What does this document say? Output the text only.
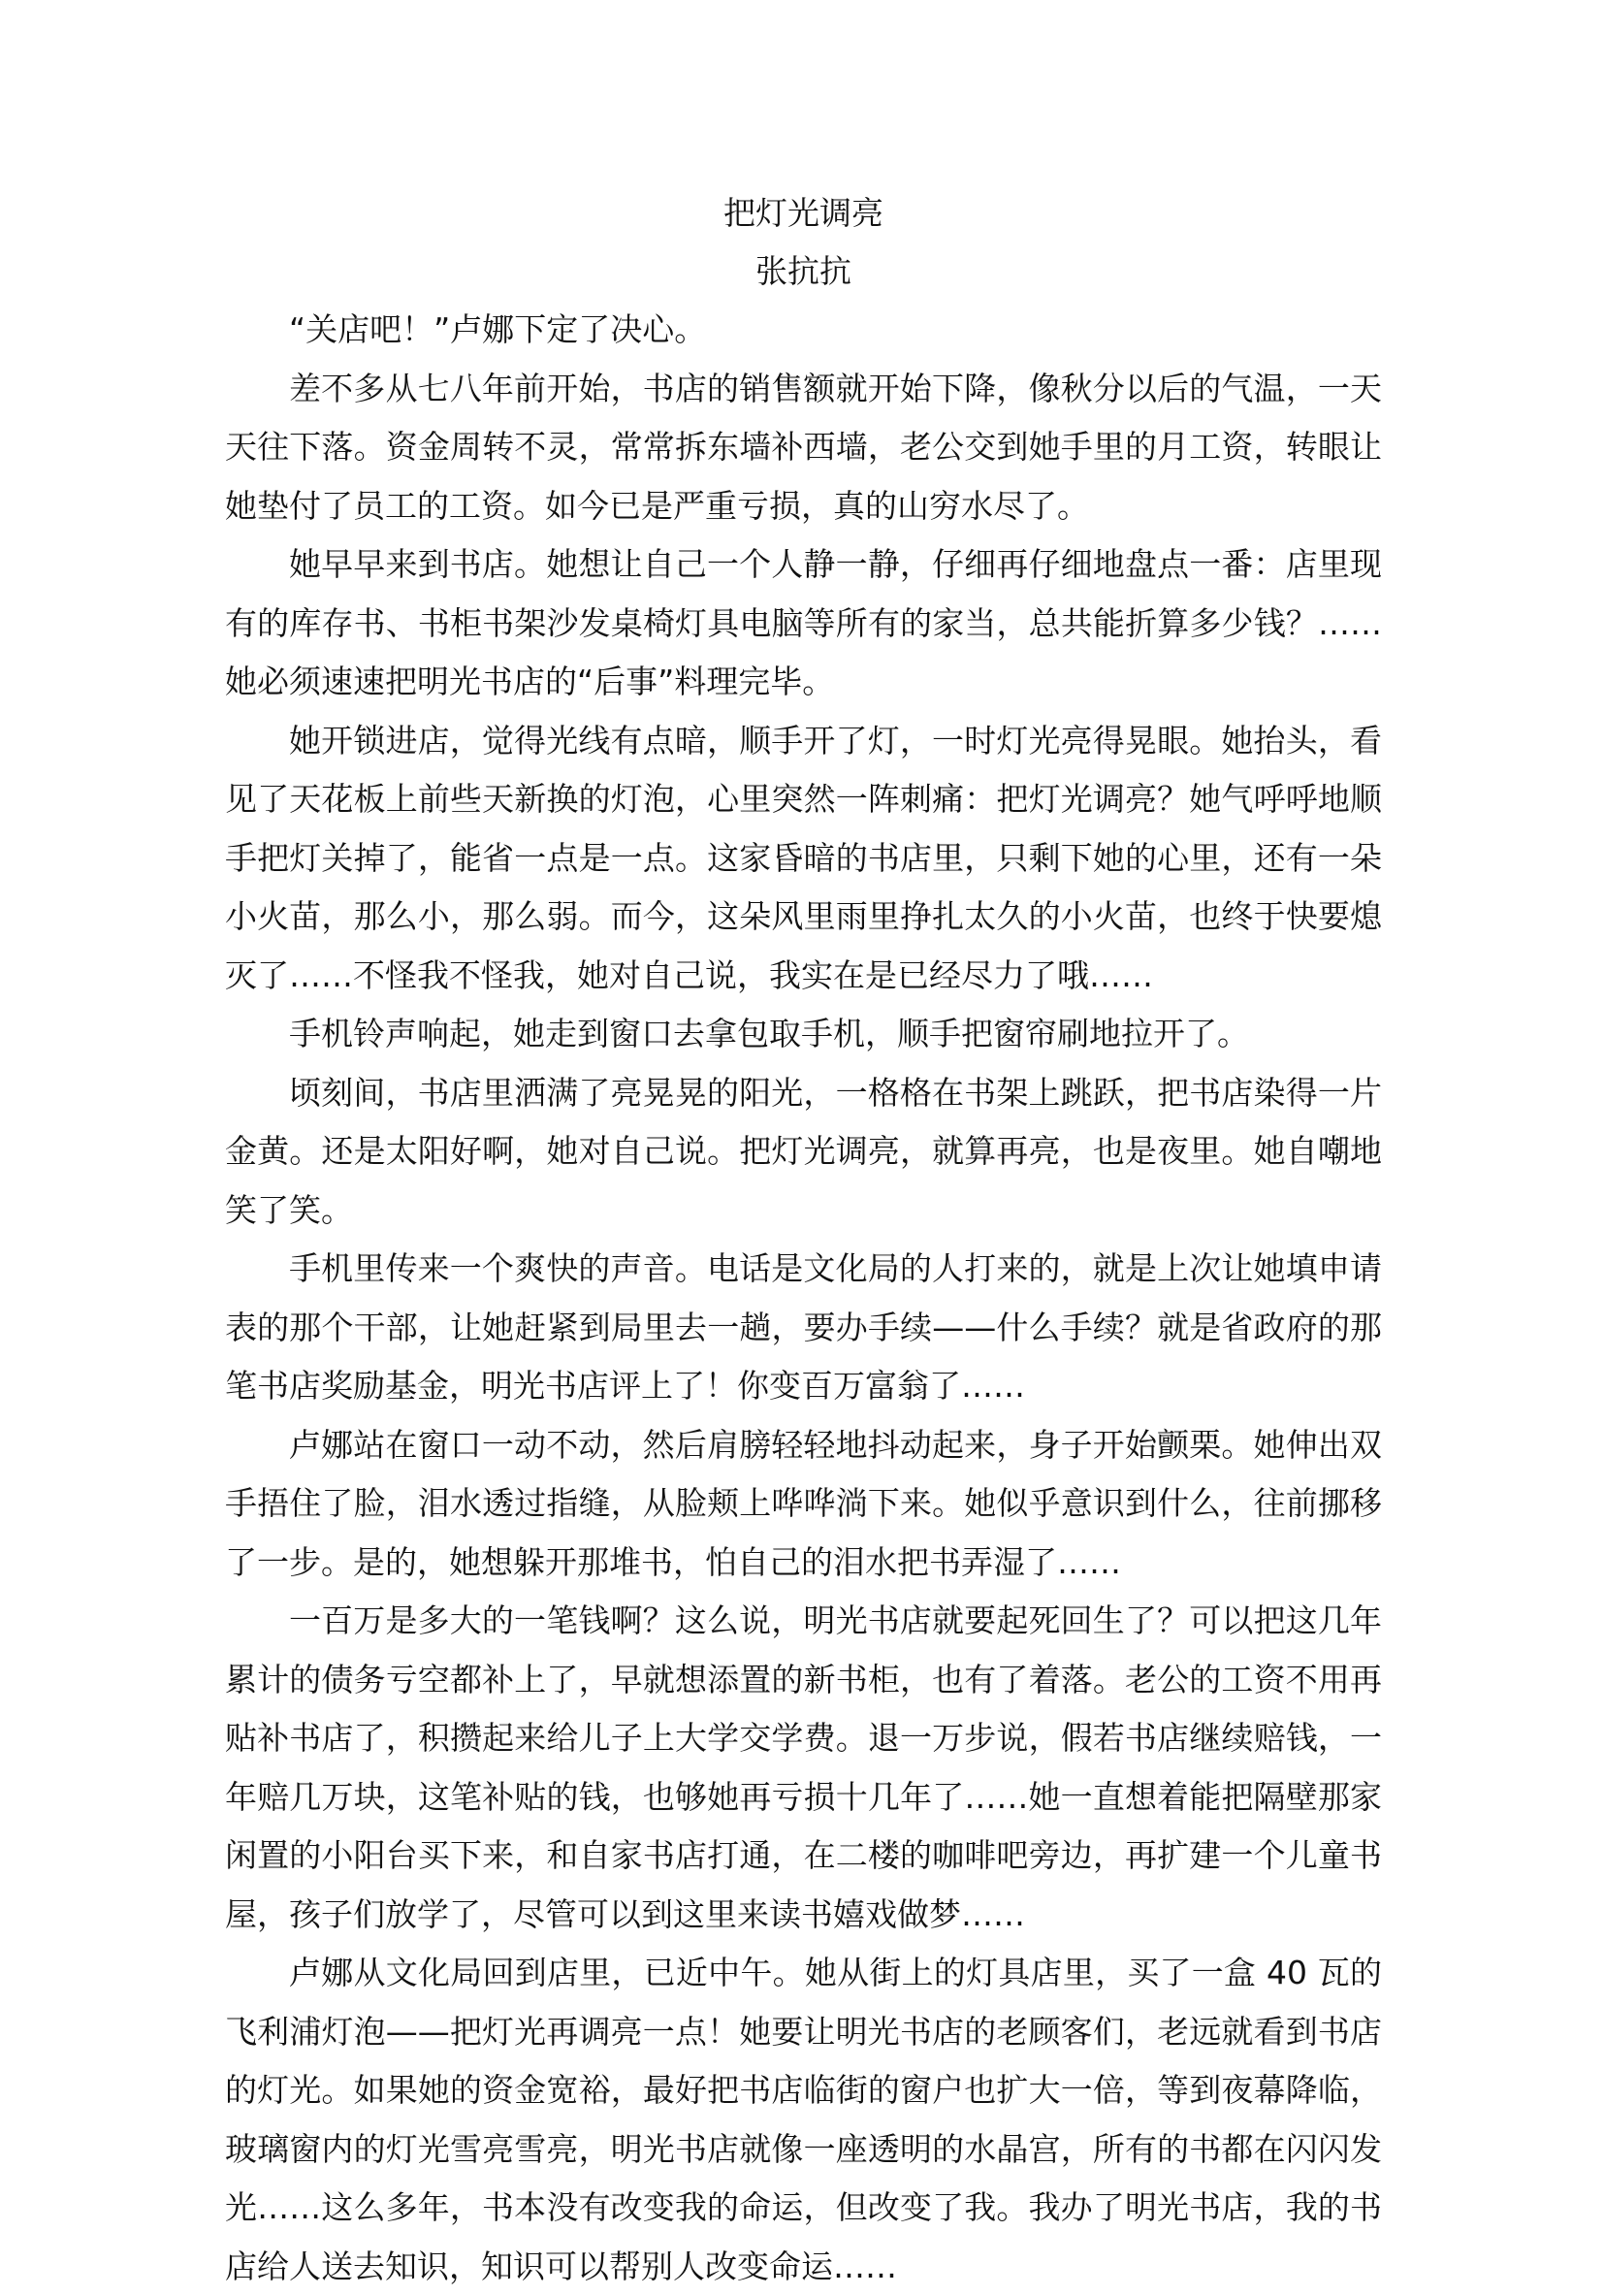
把灯光调亮
张抗抗

“关店吧！”卢娜下定了决心。

差不多从七八年前开始，书店的销售额就开始下降，像秋分以后的气温，一天天往下落。资金周转不灵，常常拆东墙补西墙，老公交到她手里的月工资，转眼让她垫付了员工的工资。如今已是严重亏损，真的山穷水尽了。

她早早来到书店。她想让自己一个人静一静，仔细再仔细地盘点一番：店里现有的库存书、书柜书架沙发桌椅灯具电脑等所有的家当，总共能折算多少钱？……她必须速速把明光书店的“后事”料理完毕。

她开锁进店，觉得光线有点暗，顺手开了灯，一时灯光亮得晃眼。她抬头，看见了天花板上前些天新换的灯泡，心里突然一阵刺痛：把灯光调亮？她气呼呼地顺手把灯关掉了，能省一点是一点。这家昏暗的书店里，只剩下她的心里，还有一朵小火苗，那么小，那么弱。而今，这朵风里雨里挣扎太久的小火苗，也终于快要熄灭了……不怪我不怪我，她对自己说，我实在是已经尽力了哦……

手机铃声响起，她走到窗口去拿包取手机，顺手把窗帘刷地拉开了。

顷刻间，书店里洒满了亮晃晃的阳光，一格格在书架上跳跃，把书店染得一片金黄。还是太阳好啊，她对自己说。把灯光调亮，就算再亮，也是夜里。她自嘲地笑了笑。

手机里传来一个爽快的声音。电话是文化局的人打来的，就是上次让她填申请表的那个干部，让她赶紧到局里去一趟，要办手续——什么手续？就是省政府的那笔书店奖励基金，明光书店评上了！你变百万富翁了……

卢娜站在窗口一动不动，然后肩膀轻轻地抖动起来，身子开始颤栗。她伸出双手捂住了脸，泪水透过指缝，从脸颊上哗哗淌下来。她似乎意识到什么，往前挪移了一步。是的，她想躲开那堆书，怕自己的泪水把书弄湿了……

一百万是多大的一笔钱啊？这么说，明光书店就要起死回生了？可以把这几年累计的债务亏空都补上了，早就想添置的新书柜，也有了着落。老公的工资不用再贴补书店了，积攒起来给儿子上大学交学费。退一万步说，假若书店继续赔钱，一年赔几万块，这笔补贴的钱，也够她再亏损十几年了……她一直想着能把隔壁那家闲置的小阳台买下来，和自家书店打通，在二楼的咖啡吧旁边，再扩建一个儿童书屋，孩子们放学了，尽管可以到这里来读书嬉戏做梦……

卢娜从文化局回到店里，已近中午。她从街上的灯具店里，买了一盒 40 瓦的飞利浦灯泡——把灯光再调亮一点！她要让明光书店的老顾客们，老远就看到书店的灯光。如果她的资金宽裕，最好把书店临街的窗户也扩大一倍，等到夜幕降临，玻璃窗内的灯光雪亮雪亮，明光书店就像一座透明的水晶宫，所有的书都在闪闪发光……这么多年，书本没有改变我的命运，但改变了我。我办了明光书店，我的书店给人送去知识，知识可以帮别人改变命运……
